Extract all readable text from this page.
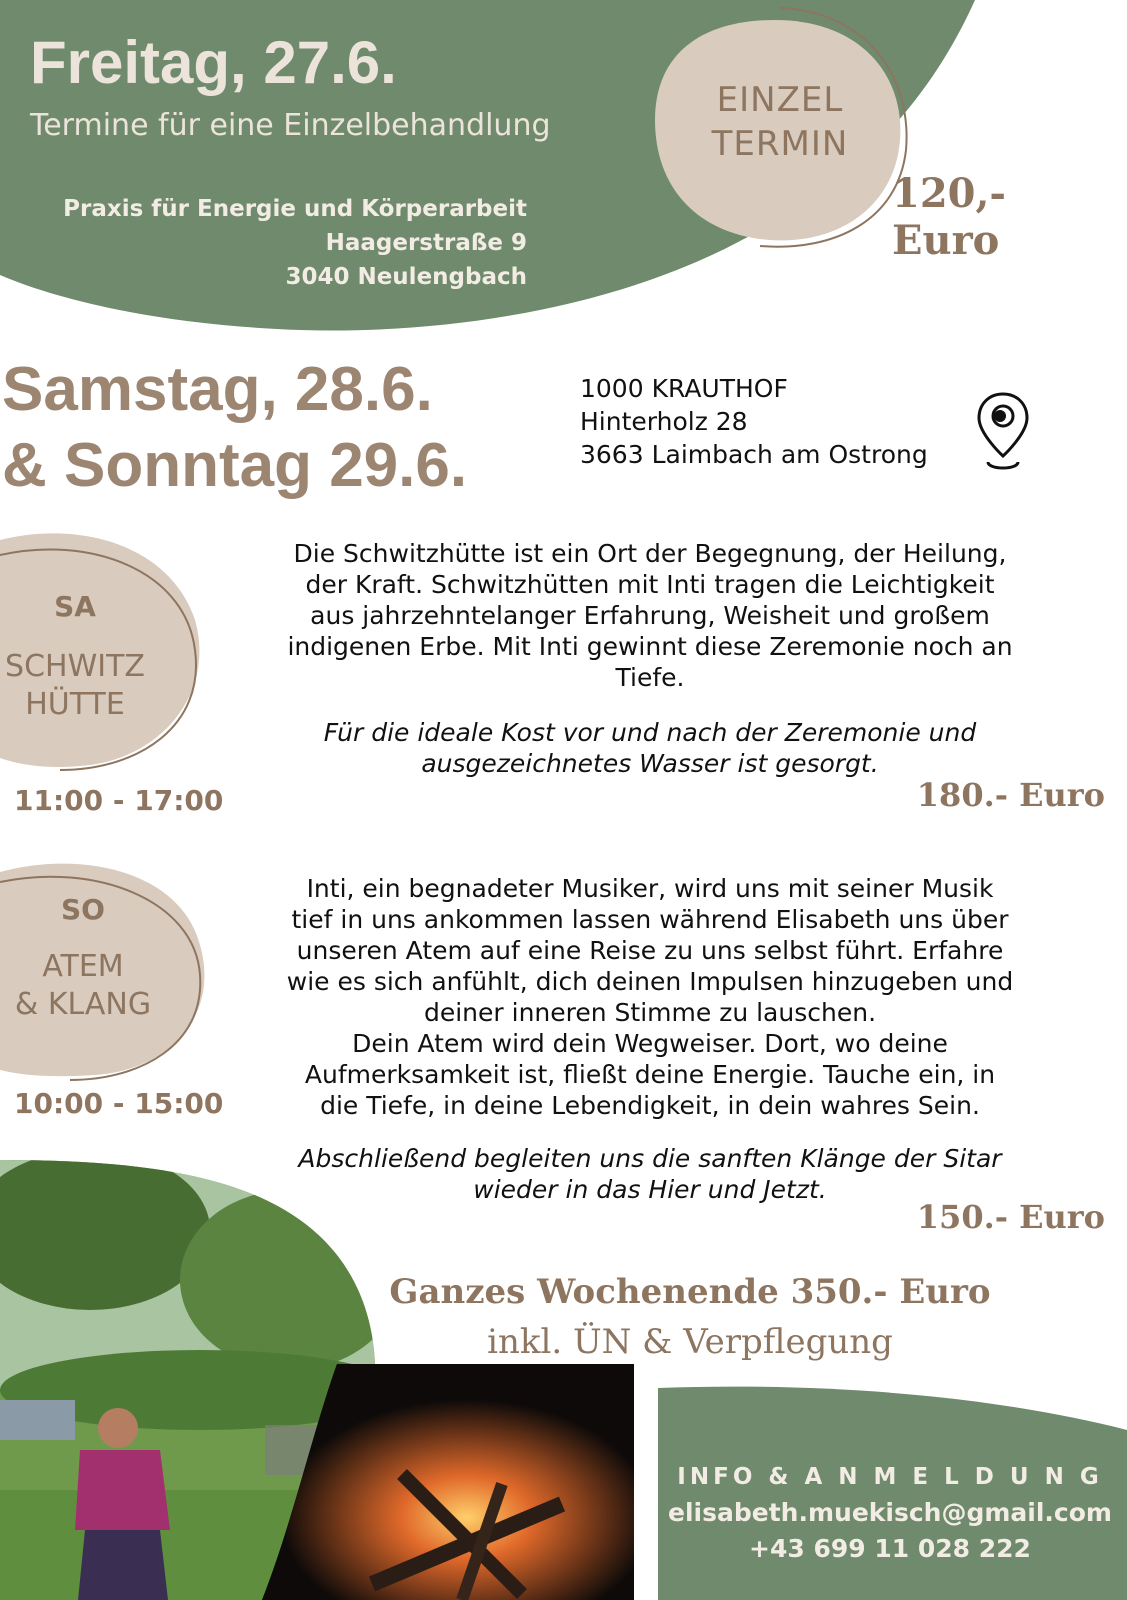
Freitag, 27.6.
Termine für eine Einzelbehandlung
Praxis für Energie und Körperarbeit
Haagerstraße 9
3040 Neulengbach
EINZEL
TERMIN
120,- Euro
Samstag, 28.6.
& Sonntag 29.6.
1000 KRAUTHOF
Hinterholz 28
3663 Laimbach am Ostrong
SA
SCHWITZ
HÜTTE
11:00 - 17:00
Die Schwitzhütte ist ein Ort der Begegnung, der Heilung,
der Kraft. Schwitzhütten mit Inti tragen die Leichtigkeit
aus jahrzehntelanger Erfahrung, Weisheit und großem
indigenen Erbe. Mit Inti gewinnt diese Zeremonie noch an
Tiefe.
Für die ideale Kost vor und nach der Zeremonie und
ausgezeichnetes Wasser ist gesorgt.
180.- Euro
SO
ATEM
& KLANG
10:00 - 15:00
Inti, ein begnadeter Musiker, wird uns mit seiner Musik
tief in uns ankommen lassen während Elisabeth uns über
unseren Atem auf eine Reise zu uns selbst führt. Erfahre
wie es sich anfühlt, dich deinen Impulsen hinzugeben und
deiner inneren Stimme zu lauschen.
Dein Atem wird dein Wegweiser. Dort, wo deine
Aufmerksamkeit ist, fließt deine Energie. Tauche ein, in
die Tiefe, in deine Lebendigkeit, in dein wahres Sein.
Abschließend begleiten uns die sanften Klänge der Sitar
wieder in das Hier und Jetzt.
150.- Euro
Ganzes Wochenende 350.- Euro
inkl. ÜN & Verpflegung
INFO & A N M E L D U N G
elisabeth.muekisch@gmail.com
+43 699 11 028 222
